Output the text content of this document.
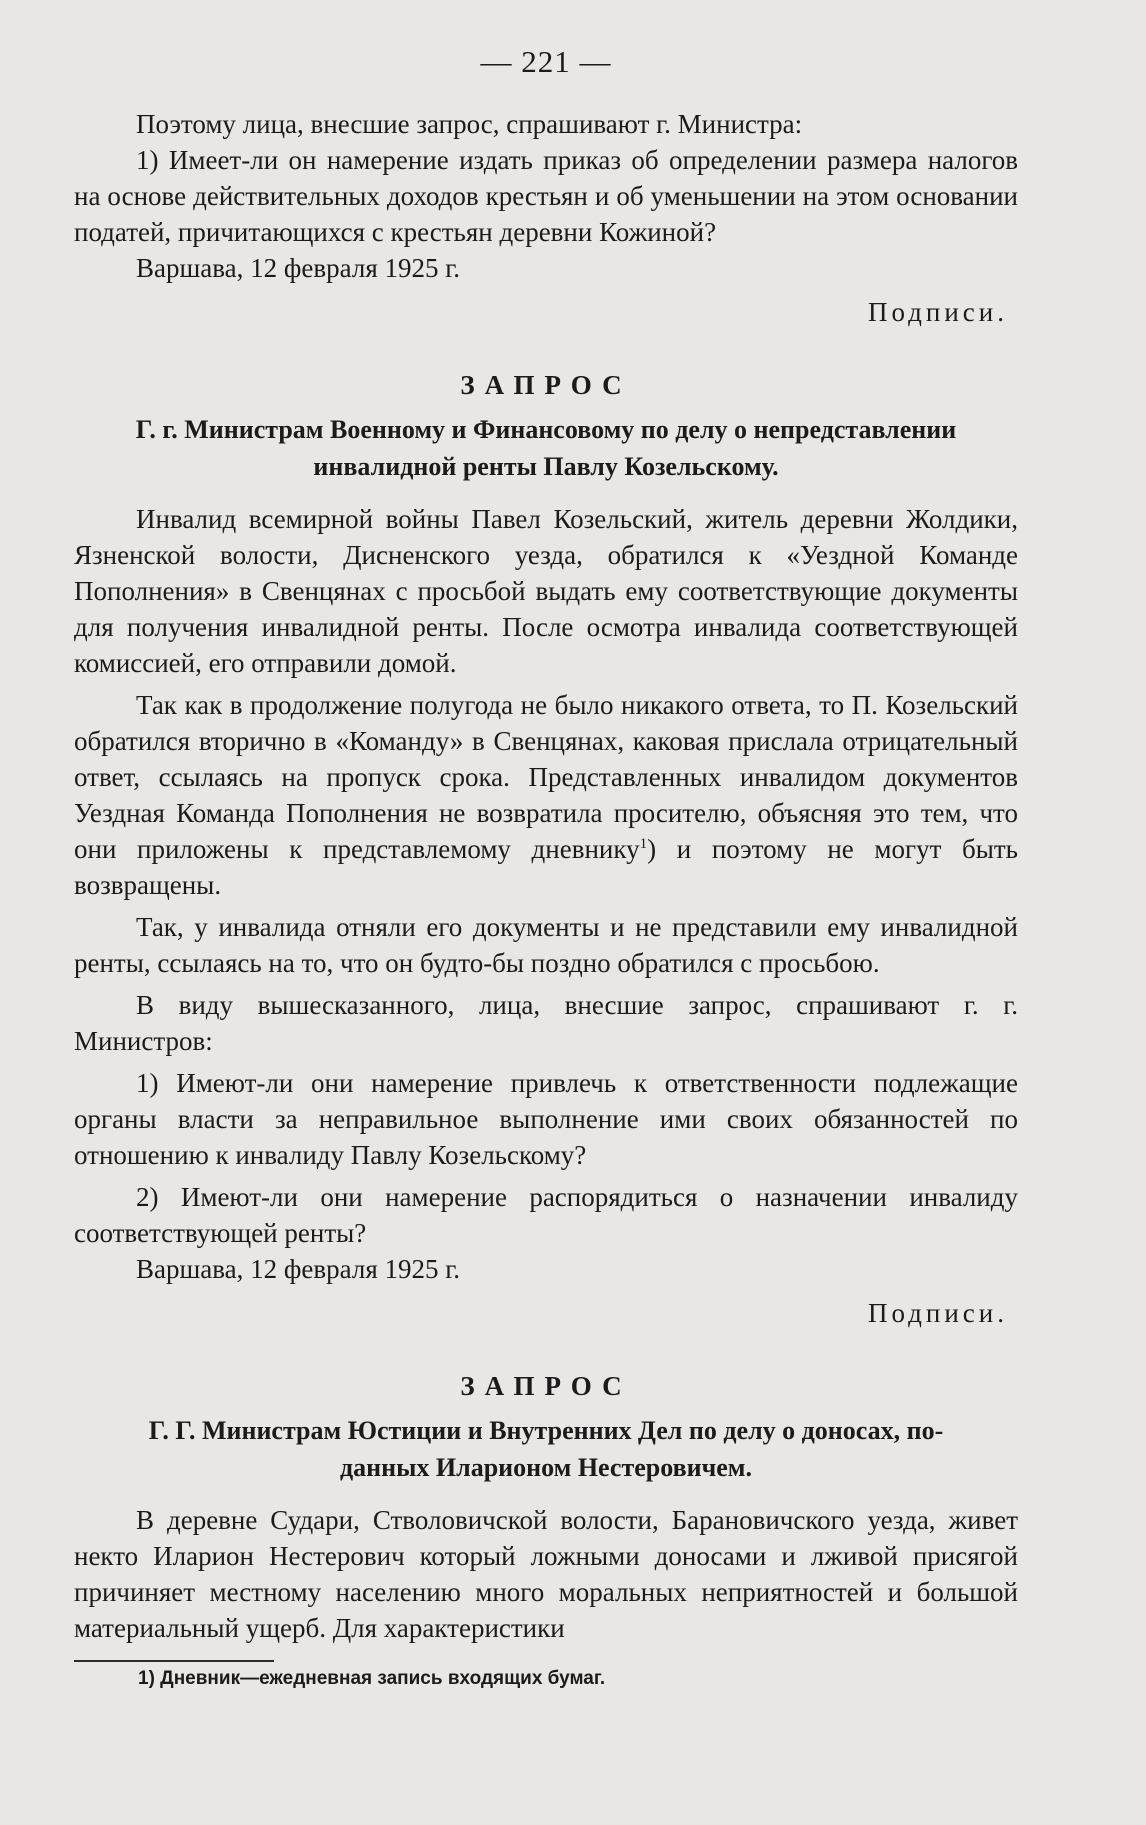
— 221 —

Поэтому лица, внесшие запрос, спрашивают г. Министра:

1) Имеет-ли он намерение издать приказ об определении размера налогов на основе действительных доходов крестьян и об уменьшении на этом основании податей, причитающихся с крестьян деревни Кожиной?

Варшава, 12 февраля 1925 г.
Подписи.
ЗАПРОС
Г. г. Министрам Военному и Финансовому по делу о непредставлении
инвалидной ренты Павлу Козельскому.

Инвалид всемирной войны Павел Козельский, житель деревни Жолдики, Язненской волости, Дисненского уезда, обратился к «Уездной Команде Пополнения» в Свенцянах с просьбой выдать ему соответствующие документы для получения инвалидной ренты. После осмотра инвалида соответствующей комиссией, его отправили домой.

Так как в продолжение полугода не было никакого ответа, то П. Козельский обратился вторично в «Команду» в Свенцянах, каковая прислала отрицательный ответ, ссылаясь на пропуск срока. Представленных инвалидом документов Уездная Команда Пополнения не возвратила просителю, объясняя это тем, что они приложены к представлемому дневнику$^1$) и поэтому не могут быть возвращены.

Так, у инвалида отняли его документы и не представили ему инвалидной ренты, ссылаясь на то, что он будто-бы поздно обратился с просьбою.

В виду вышесказанного, лица, внесшие запрос, спрашивают г. г. Министров:

1) Имеют-ли они намерение привлечь к ответственности подлежащие органы власти за неправильное выполнение ими своих обязанностей по отношению к инвалиду Павлу Козельскому?

2) Имеют-ли они намерение распорядиться о назначении инвалиду соответствующей ренты?

Варшава, 12 февраля 1925 г.
Подписи.
ЗАПРОС
Г. Г. Министрам Юстиции и Внутренних Дел по делу о доносах, по-
данных Иларионом Нестеровичем.

В деревне Судари, Стволовичской волости, Барановичского уезда, живет некто Иларион Нестерович который ложными доносами и лживой присягой причиняет местному населению много моральных неприятностей и большой материальный ущерб. Для характеристики

1) Дневник—ежедневная запись входящих бумаг.
